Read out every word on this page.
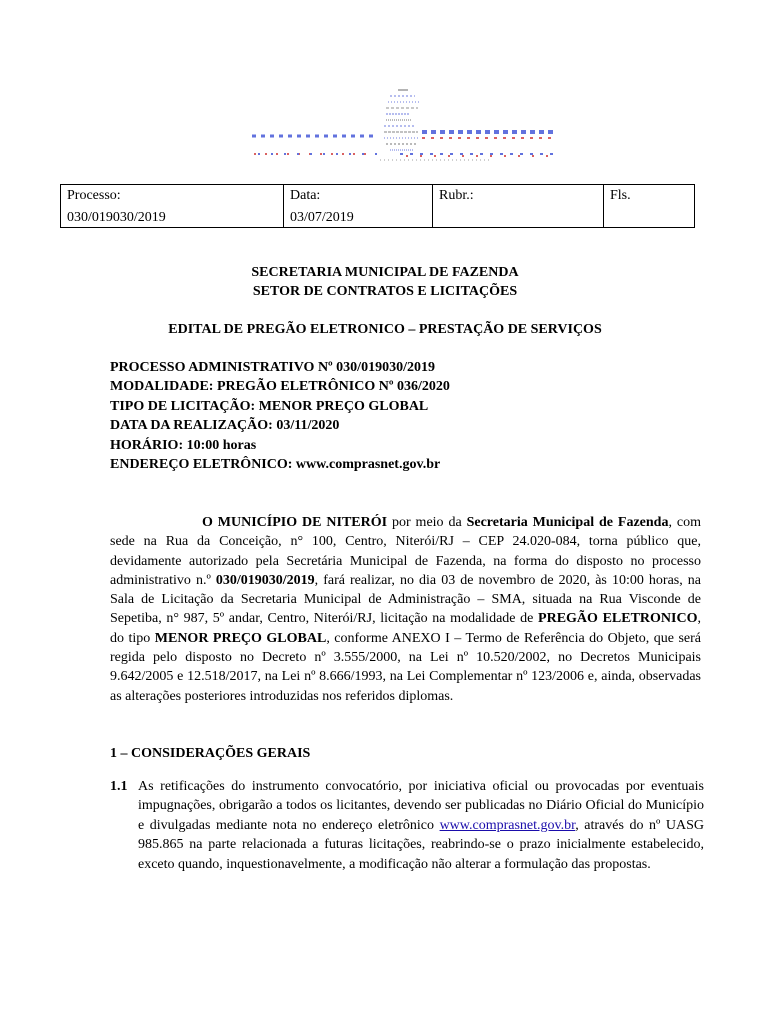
Processo:
030/019030/2019

Data:
03/07/2019

Rubr.:	Fls.
SECRETARIA MUNICIPAL DE FAZENDA
SETOR DE CONTRATOS E LICITAÇÕES
EDITAL DE PREGÃO ELETRONICO – PRESTAÇÃO DE SERVIÇOS
PROCESSO ADMINISTRATIVO Nº 030/019030/2019
MODALIDADE: PREGÃO ELETRÔNICO Nº 036/2020
TIPO DE LICITAÇÃO: MENOR PREÇO GLOBAL
DATA DA REALIZAÇÃO: 03/11/2020
HORÁRIO: 10:00 horas
ENDEREÇO ELETRÔNICO: www.comprasnet.gov.br
O MUNICÍPIO DE NITERÓI por meio da Secretaria Municipal de Fazenda, com sede na Rua da Conceição, n° 100, Centro, Niterói/RJ – CEP 24.020-084, torna público que, devidamente autorizado pela Secretária Municipal de Fazenda, na forma do disposto no processo administrativo n.º 030/019030/2019, fará realizar, no dia 03 de novembro de 2020, às 10:00 horas, na Sala de Licitação da Secretaria Municipal de Administração – SMA, situada na Rua Visconde de Sepetiba, n° 987, 5º andar, Centro, Niterói/RJ, licitação na modalidade de PREGÃO ELETRONICO, do tipo MENOR PREÇO GLOBAL, conforme ANEXO I – Termo de Referência do Objeto, que será regida pelo disposto no Decreto nº 3.555/2000, na Lei nº 10.520/2002, no Decretos Municipais 9.642/2005 e 12.518/2017, na Lei nº 8.666/1993, na Lei Complementar nº 123/2006 e, ainda, observadas as alterações posteriores introduzidas nos referidos diplomas.
1 – CONSIDERAÇÕES GERAIS
1.1 As retificações do instrumento convocatório, por iniciativa oficial ou provocadas por eventuais impugnações, obrigarão a todos os licitantes, devendo ser publicadas no Diário Oficial do Município e divulgadas mediante nota no endereço eletrônico www.comprasnet.gov.br, através do nº UASG 985.865 na parte relacionada a futuras licitações, reabrindo-se o prazo inicialmente estabelecido, exceto quando, inquestionavelmente, a modificação não alterar a formulação das propostas.
